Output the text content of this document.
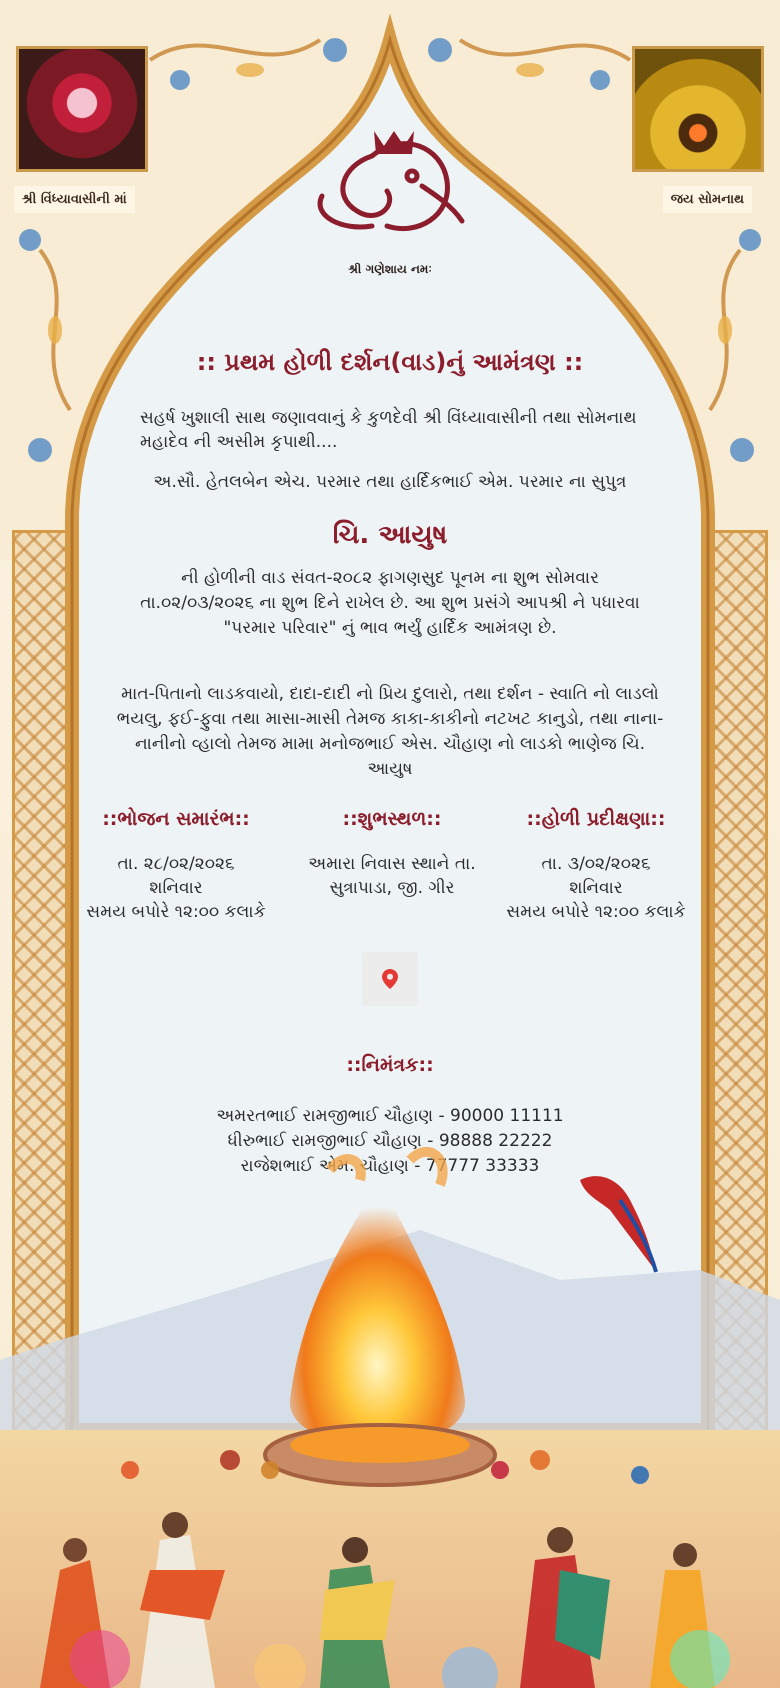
શ્રી વિંધ્યાવાસીની માં	જય સોમનાથ
શ્રી ગણેશાય નમઃ
:: પ્રથમ હોળી દર્શન(વાડ)નું આમંત્રણ ::
સહર્ષ ખુશાલી સાથ જણાવવાનું કે કુળદેવી શ્રી વિંધ્યાવાસીની તથા સોમનાથ મહાદેવ ની અસીમ કૃપાથી....
અ.સૌ. હેતલબેન એચ. પરમાર તથા હાર્દિકભાઈ એમ. પરમાર ના સુપુત્ર
ચિ. આયુષ
ની હોળીની વાડ સંવત-૨૦૮૨ ફાગણસુદ પૂનમ ના શુભ સોમવાર તા.૦૨/૦૩/૨૦૨૬ ના શુભ દિને રાખેલ છે. આ શુભ પ્રસંગે આપશ્રી ને પધારવા "પરમાર પરિવાર" નું ભાવ ભર્યું હાર્દિક આમંત્રણ છે.
માત-પિતાનો લાડકવાયો, દાદા-દાદી નો પ્રિય દુલારો, તથા દર્શન - સ્વાતિ નો લાડલો ભયલુ, ફઈ-ફુવા તથા માસા-માસી તેમજ કાકા-કાકીનો નટખટ કાનુડો, તથા નાના-નાનીનો વ્હાલો તેમજ મામા મનોજભાઈ એસ. ચૌહાણ નો લાડકો ભાણેજ ચિ. આયુષ
::ભોજન સમારંભ::
તા. ૨૮/૦૨/૨૦૨૬
શનિવાર
સમય બપોરે ૧૨:૦૦ કલાકે
::શુભસ્થળ::
અમારા નિવાસ સ્થાને તા.
સુત્રાપાડા, જી. ગીર
::હોળી પ્રદીક્ષણા::
તા. ૩/૦૨/૨૦૨૬
શનિવાર
સમય બપોરે ૧૨:૦૦ કલાકે
::નિમંત્રક::
અમરતભાઈ રામજીભાઈ ચૌહાણ - 90000 11111
ધીરુભાઈ રામજીભાઈ ચૌહાણ - 98888 22222
રાજેશભાઈ એમ. ચૌહાણ - 77777 33333
